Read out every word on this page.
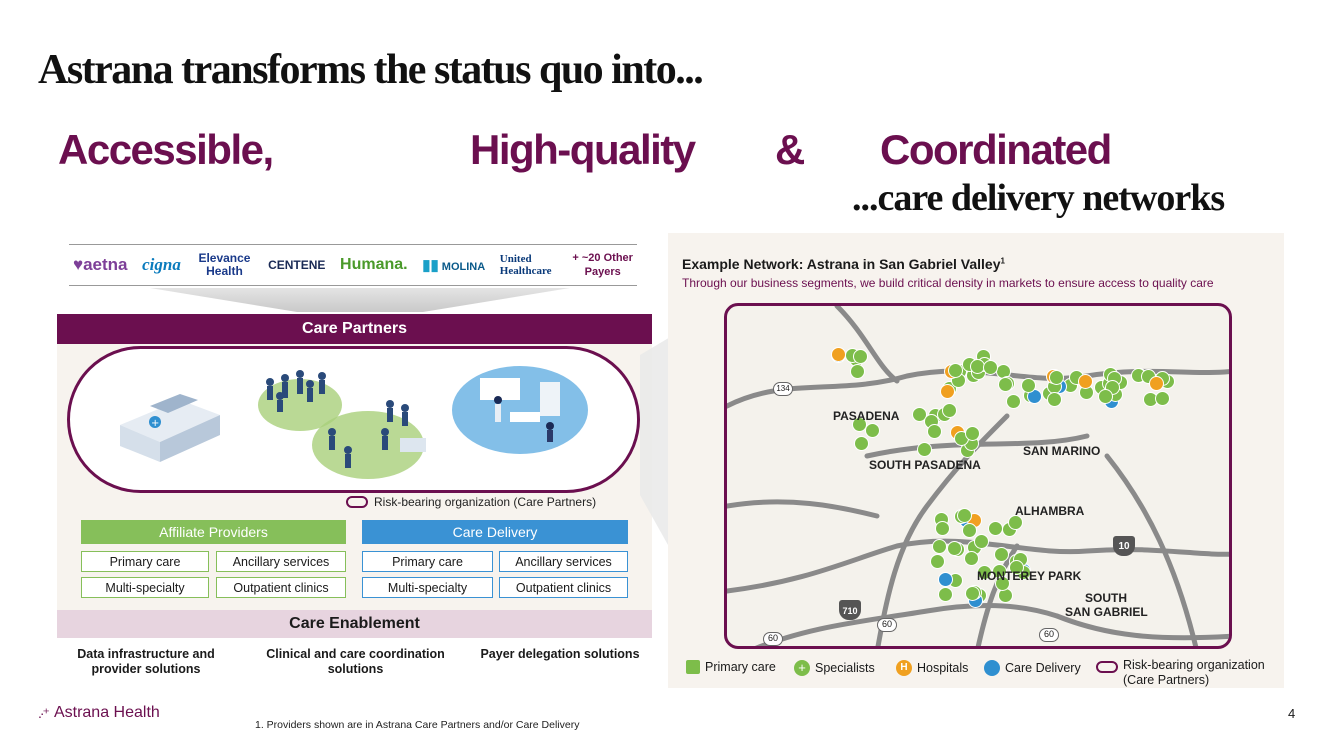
Astrana transforms the status quo into...
Accessible,	High-quality & Coordinated
...care delivery networks
♥aetna cigna Elevance Health	CENTENE Humana. ▮▮ MOLINA
United Healthcare
+ ~20 Other
Payers
Care Partners
+
Risk-bearing organization (Care Partners)
Affiliate Providers
Primary care	Ancillary services
Multi-specialty	Outpatient clinics
Care Delivery
Primary care	Ancillary services
Multi-specialty	Outpatient clinics
Care Enablement
Data infrastructure and provider solutions
Clinical and care coordination solutions
Payer delegation solutions
Example Network: Astrana in San Gabriel Valley$^1$
Through our business segments, we build critical density in markets to ensure access to quality care
PASADENA
SAN MARINO
SOUTH PASADENA
ALHAMBRA
MONTEREY PARK
SOUTH
SAN GABRIEL
134
10
710
60
60	60
Primary care	+ Specialists	H Hospitals	Care Delivery	Risk-bearing organization
(Care Partners)
.·⁺ Astrana Health
1. Providers shown are in Astrana Care Partners and/or Care Delivery
4
